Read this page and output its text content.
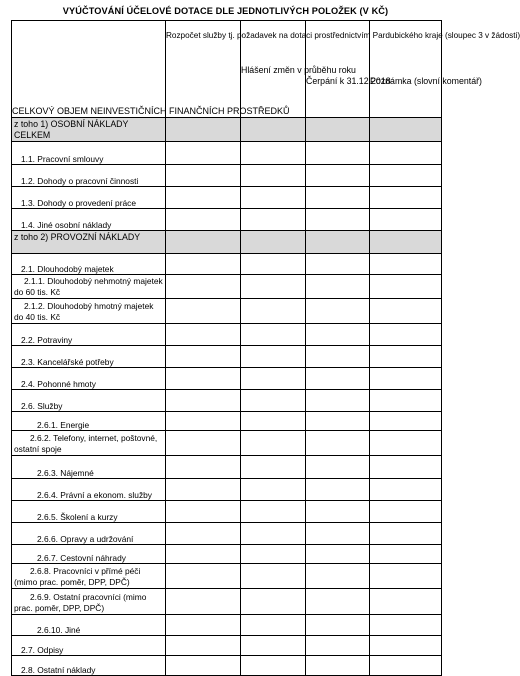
VYÚČTOVÁNÍ ÚČELOVÉ DOTACE DLE JEDNOTLIVÝCH POLOŽEK (V KČ)
CELKOVÝ OBJEM NEINVESTIČNÍCH FINANČNÍCH PROSTŘEDKŮ	Rozpočet služby tj. požadavek na dotaci prostřednictvím Pardubického kraje (sloupec 3 v žádosti)	Hlášení změn v průběhu roku	Čerpání k 31.12.2018	Poznámka (slovní komentář)
z toho 1) OSOBNÍ NÁKLADY CELKEM				
1.1. Pracovní smlouvy				
1.2. Dohody o pracovní činnosti				
1.3. Dohody o provedení práce				
1.4. Jiné osobní náklady				
z toho 2) PROVOZNÍ NÁKLADY				
2.1. Dlouhodobý majetek				
2.1.1. Dlouhodobý nehmotný majetek do 60 tis. Kč				
2.1.2. Dlouhodobý hmotný majetek do 40 tis. Kč				
2.2. Potraviny				
2.3. Kancelářské potřeby				
2.4. Pohonné hmoty				
2.6. Služby				
2.6.1. Energie				
2.6.2. Telefony, internet, poštovné, ostatní spoje				
2.6.3. Nájemné				
2.6.4. Právní a ekonom. služby				
2.6.5. Školení a kurzy				
2.6.6. Opravy a udržování				
2.6.7. Cestovní náhrady				
2.6.8. Pracovníci v přímé péči (mimo prac. poměr, DPP, DPČ)				
2.6.9. Ostatní pracovníci (mimo prac. poměr, DPP, DPČ)				
2.6.10. Jiné				
2.7. Odpisy				
2.8. Ostatní náklady				
